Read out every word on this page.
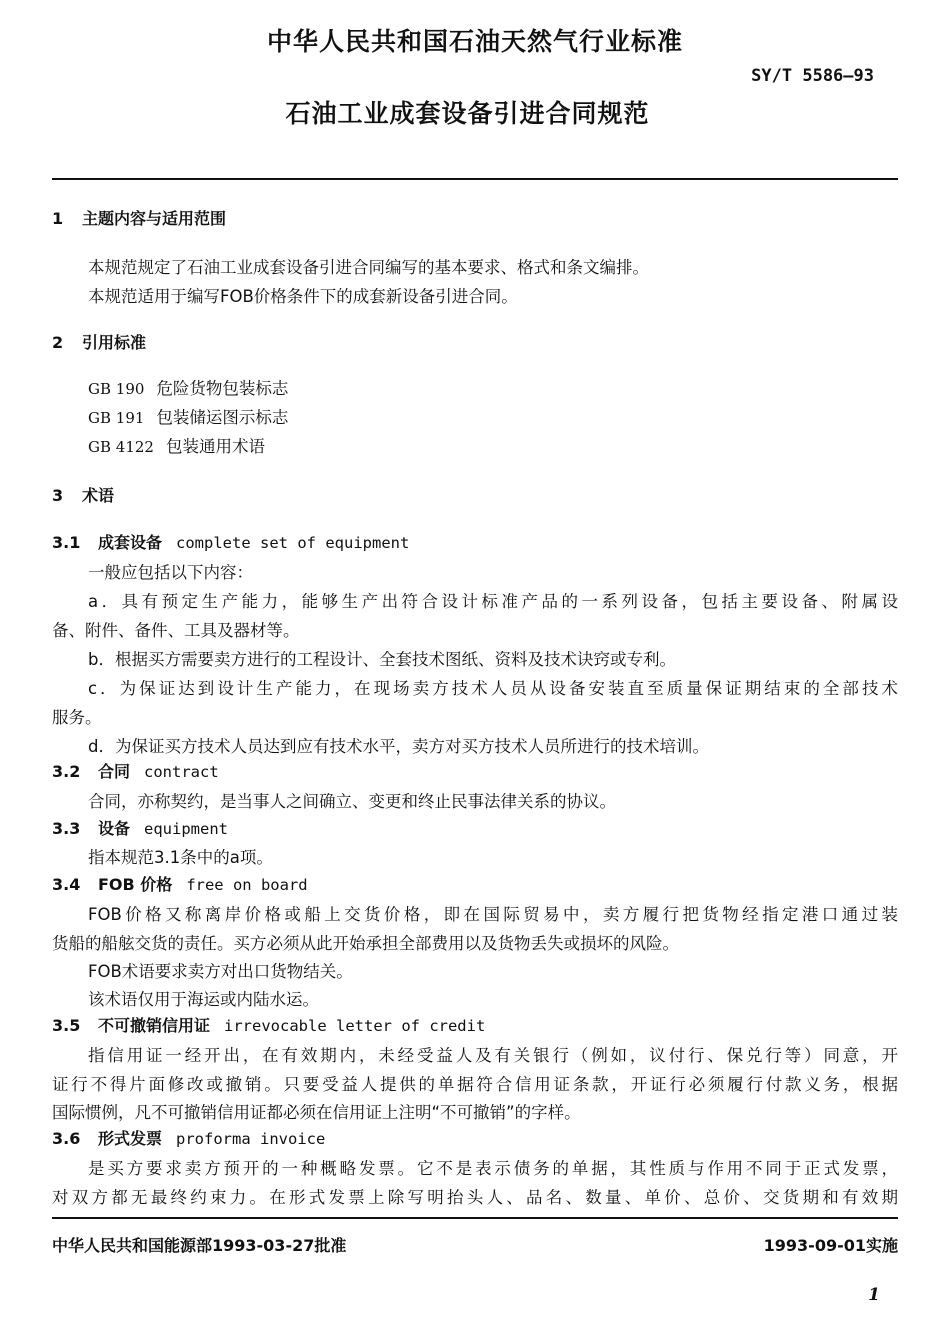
中华人民共和国石油天然气行业标准
SY/T 5586—93
石油工业成套设备引进合同规范
1 主题内容与适用范围
本规范规定了石油工业成套设备引进合同编写的基本要求、格式和条文编排。
本规范适用于编写FOB价格条件下的成套新设备引进合同。
2 引用标准
GB 190 危险货物包装标志
GB 191 包装储运图示标志
GB 4122 包装通用术语
3 术语
3.1 成套设备 complete set of equipment
一般应包括以下内容：
a．具有预定生产能力，能够生产出符合设计标准产品的一系列设备，包括主要设备、附属设
备、附件、备件、工具及器材等。
b．根据买方需要卖方进行的工程设计、全套技术图纸、资料及技术诀窍或专利。
c．为保证达到设计生产能力，在现场卖方技术人员从设备安装直至质量保证期结束的全部技术
服务。
d．为保证买方技术人员达到应有技术水平，卖方对买方技术人员所进行的技术培训。
3.2 合同 contract
合同，亦称契约，是当事人之间确立、变更和终止民事法律关系的协议。
3.3 设备 equipment
指本规范3.1条中的a项。
3.4 FOB 价格 free on board
FOB价格又称离岸价格或船上交货价格，即在国际贸易中，卖方履行把货物经指定港口通过装
货船的船舷交货的责任。买方必须从此开始承担全部费用以及货物丢失或损坏的风险。
FOB术语要求卖方对出口货物结关。
该术语仅用于海运或内陆水运。
3.5 不可撤销信用证 irrevocable letter of credit
指信用证一经开出，在有效期内，未经受益人及有关银行（例如，议付行、保兑行等）同意，开
证行不得片面修改或撤销。只要受益人提供的单据符合信用证条款，开证行必须履行付款义务，根据
国际惯例，凡不可撤销信用证都必须在信用证上注明“不可撤销”的字样。
3.6 形式发票 proforma invoice
是买方要求卖方预开的一种概略发票。它不是表示债务的单据，其性质与作用不同于正式发票，
对双方都无最终约束力。在形式发票上除写明抬头人、品名、数量、单价、总价、交货期和有效期
中华人民共和国能源部1993-03-27批准	1993-09-01实施
1
